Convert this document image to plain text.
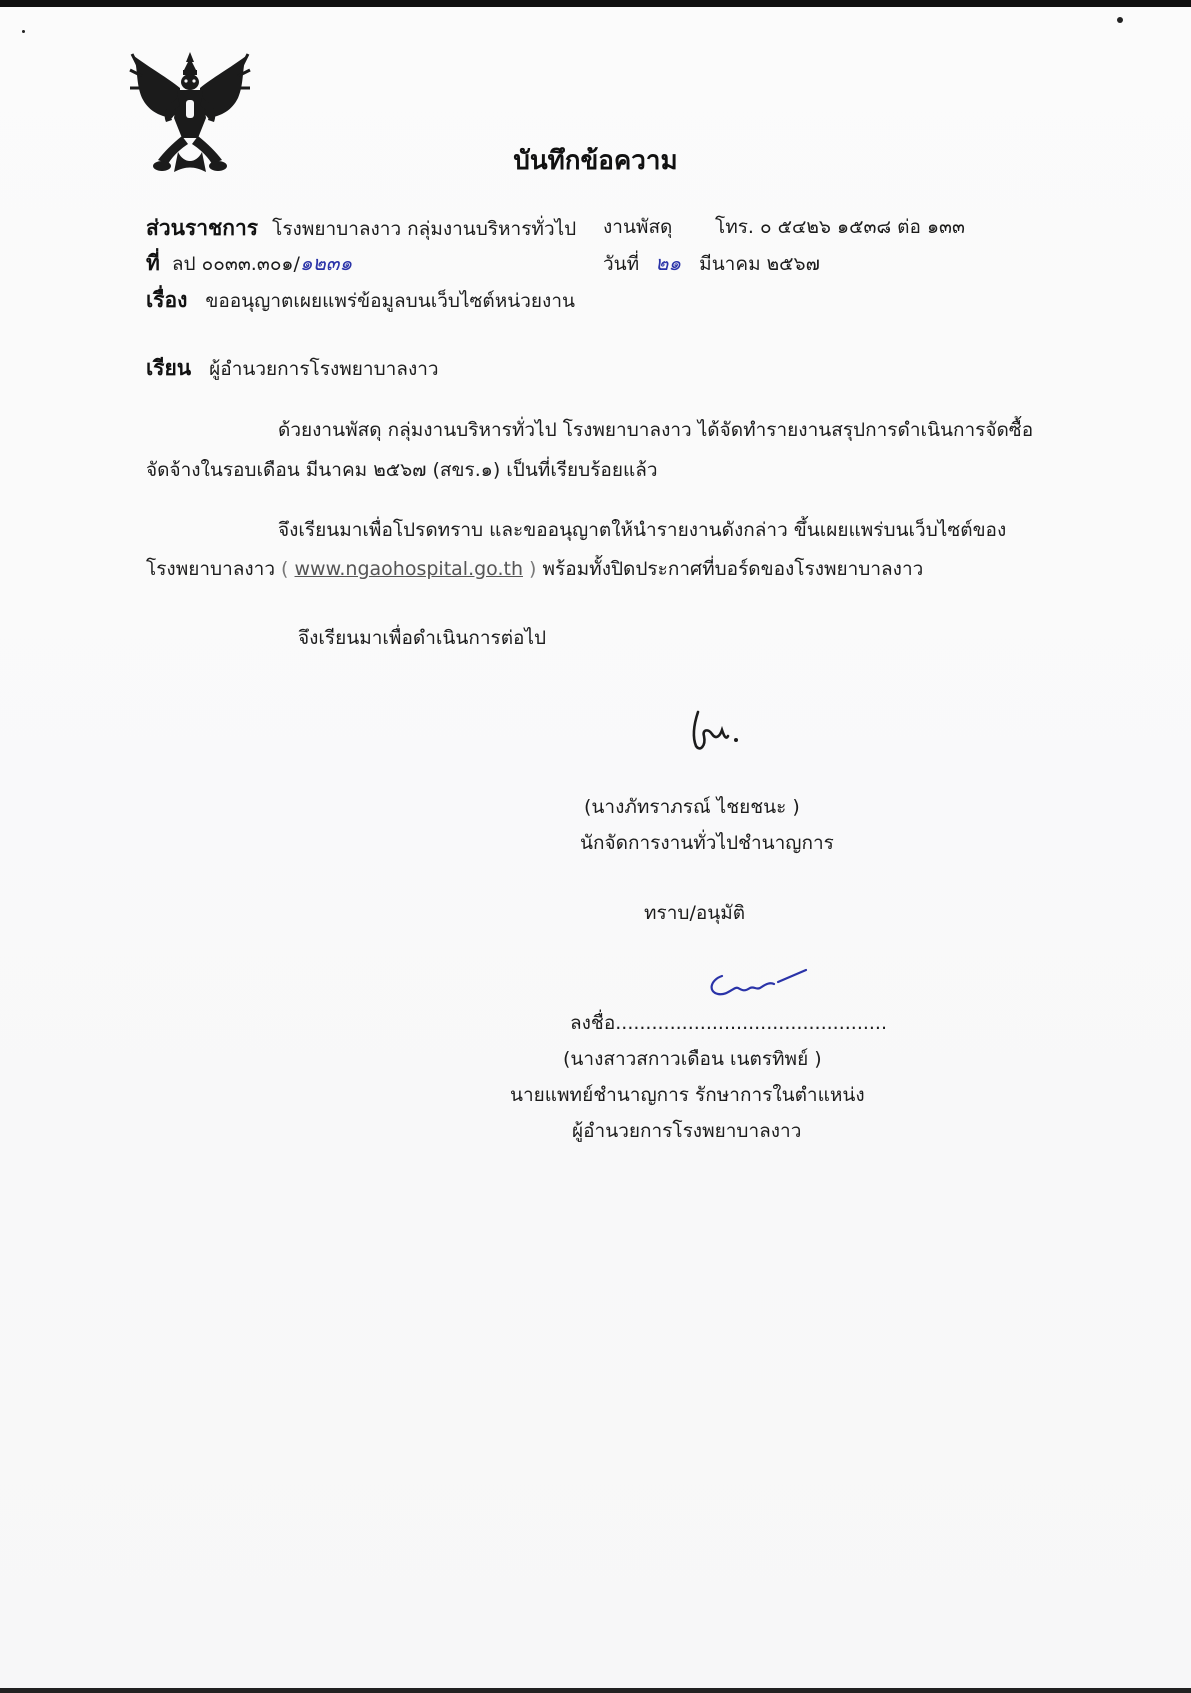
บันทึกข้อความ
ส่วนราชการ โรงพยาบาลงาว กลุ่มงานบริหารทั่วไป งานพัสดุ โทร. ๐ ๕๔๒๖ ๑๕๓๘ ต่อ ๑๓๓
ที่ ลป ๐๐๓๓.๓๐๑/๑๒๓๑	วันที่ ๒๑ มีนาคม ๒๕๖๗
เรื่อง ขออนุญาตเผยแพร่ข้อมูลบนเว็บไซต์หน่วยงาน
เรียน ผู้อำนวยการโรงพยาบาลงาว
ด้วยงานพัสดุ กลุ่มงานบริหารทั่วไป โรงพยาบาลงาว ได้จัดทำรายงานสรุปการดำเนินการจัดซื้อ
จัดจ้างในรอบเดือน มีนาคม ๒๕๖๗ (สขร.๑) เป็นที่เรียบร้อยแล้ว
จึงเรียนมาเพื่อโปรดทราบ และขออนุญาตให้นำรายงานดังกล่าว ขึ้นเผยแพร่บนเว็บไซต์ของ
โรงพยาบาลงาว ( www.ngaohospital.go.th ) พร้อมทั้งปิดประกาศที่บอร์ดของโรงพยาบาลงาว
จึงเรียนมาเพื่อดำเนินการต่อไป
(นางภัทราภรณ์ ไชยชนะ )
นักจัดการงานทั่วไปชำนาญการ
ทราบ/อนุมัติ
ลงชื่อ.............................................
(นางสาวสกาวเดือน เนตรทิพย์ )
นายแพทย์ชำนาญการ รักษาการในตำแหน่ง
ผู้อำนวยการโรงพยาบาลงาว
